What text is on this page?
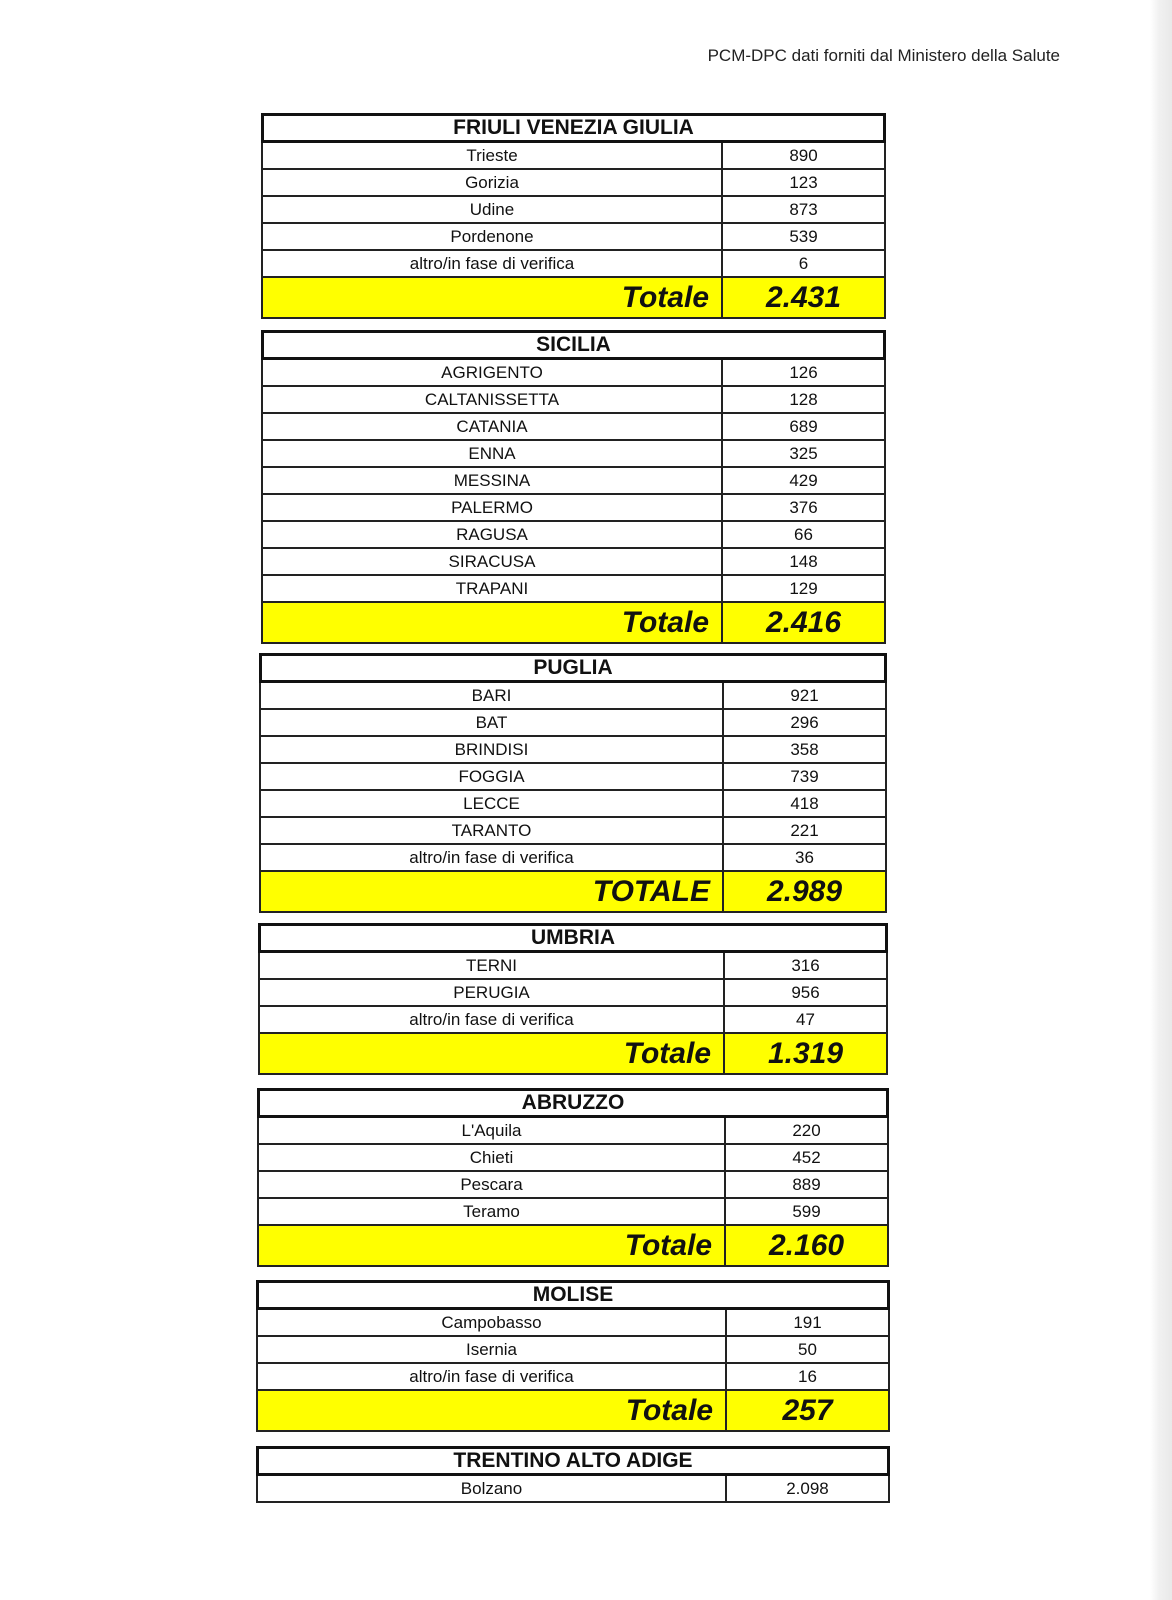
PCM-DPC dati forniti dal Ministero della Salute
FRIULI VENEZIA GIULIA
Trieste	890
Gorizia	123
Udine	873
Pordenone	539
altro/in fase di verifica	6
Totale	2.431
SICILIA
AGRIGENTO	126
CALTANISSETTA	128
CATANIA	689
ENNA	325
MESSINA	429
PALERMO	376
RAGUSA	66
SIRACUSA	148
TRAPANI	129
Totale	2.416
PUGLIA
BARI	921
BAT	296
BRINDISI	358
FOGGIA	739
LECCE	418
TARANTO	221
altro/in fase di verifica	36
TOTALE	2.989
UMBRIA
TERNI	316
PERUGIA	956
altro/in fase di verifica	47
Totale	1.319
ABRUZZO
L'Aquila	220
Chieti	452
Pescara	889
Teramo	599
Totale	2.160
MOLISE
Campobasso	191
Isernia	50
altro/in fase di verifica	16
Totale	257
TRENTINO ALTO ADIGE
Bolzano	2.098
